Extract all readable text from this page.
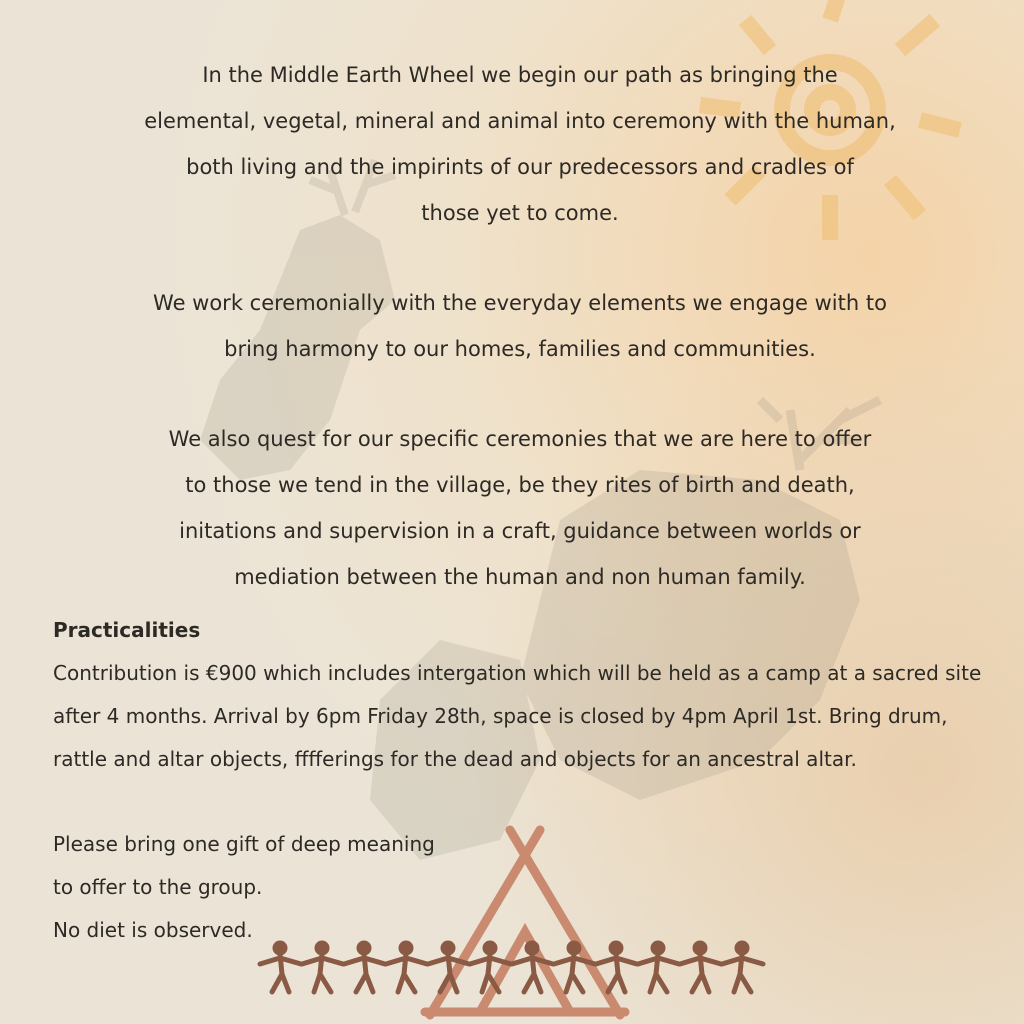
In the Middle Earth Wheel we begin our path as bringing the
elemental, vegetal, mineral and animal into ceremony with the human,
both living and the impirints of our predecessors and cradles of
those yet to come.

We work ceremonially with the everyday elements we engage with to
bring harmony to our homes, families and communities.

We also quest for our specific ceremonies that we are here to offer
to those we tend in the village, be they rites of birth and death,
initations and supervision in a craft, guidance between worlds or
mediation between the human and non human family.

Practicalities

Contribution is €900 which includes intergation which will be held as a camp at a sacred site after 4 months. Arrival by 6pm Friday 28th, space is closed by 4pm April 1st. Bring drum, rattle and altar objects, fffferings for the dead and objects for an ancestral altar.

Please bring one gift of deep meaning

to offer to the group.

No diet is observed.
